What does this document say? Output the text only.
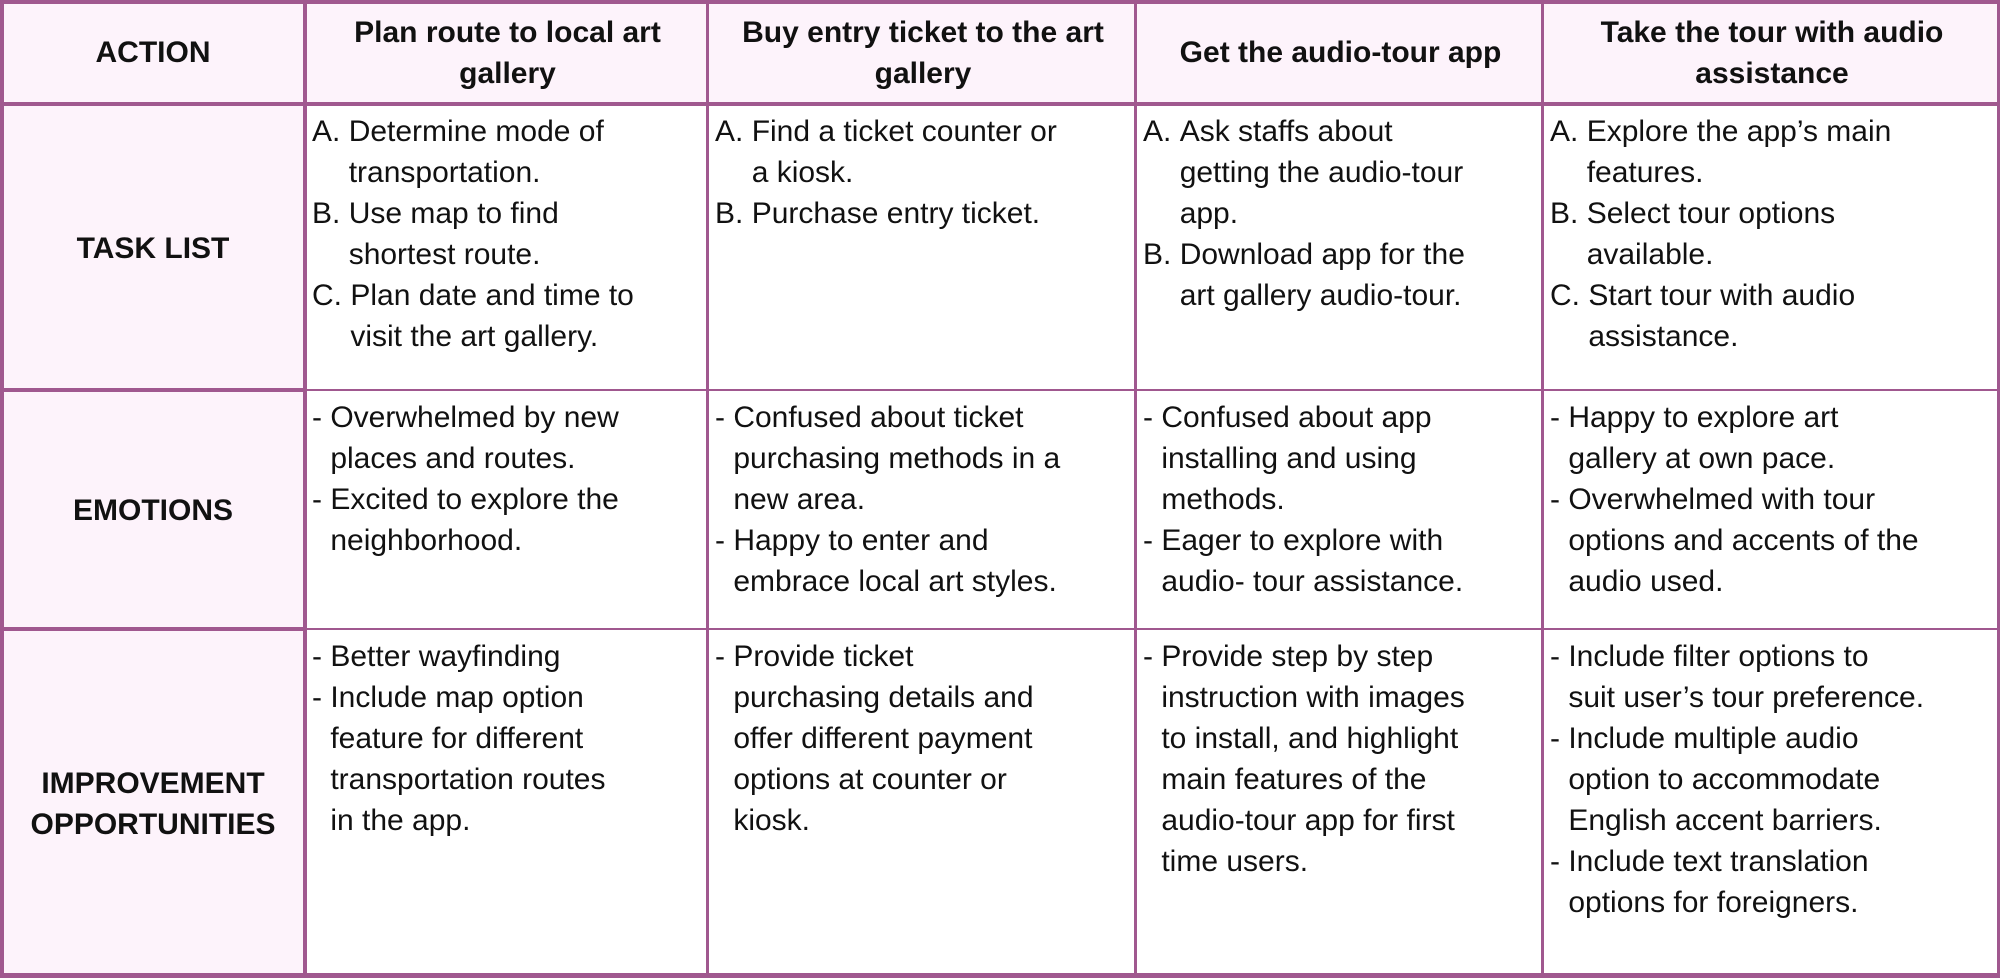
ACTION
Plan route to local art gallery
Buy entry ticket to the art gallery
Get the audio-tour app
Take the tour with audio assistance
TASK LIST
A. Determine mode of
transportation.
B. Use map to find
shortest route.
C. Plan date and time to
visit the art gallery.
A. Find a ticket counter or
a kiosk.
B. Purchase entry ticket.
A. Ask staffs about
getting the audio-tour
app.
B. Download app for the
art gallery audio-tour.
A. Explore the app’s main
features.
B. Select tour options
available.
C. Start tour with audio
assistance.
EMOTIONS
- Overwhelmed by new
places and routes.
- Excited to explore the
neighborhood.
- Confused about ticket
purchasing methods in a
new area.
- Happy to enter and
embrace local art styles.
- Confused about app
installing and using
methods.
- Eager to explore with
audio- tour assistance.
- Happy to explore art
gallery at own pace.
- Overwhelmed with tour
options and accents of the
audio used.
IMPROVEMENT OPPORTUNITIES
- Better wayfinding
- Include map option
feature for different
transportation routes
in the app.
- Provide ticket
purchasing details and
offer different payment
options at counter or
kiosk.
- Provide step by step
instruction with images
to install, and highlight
main features of the
audio-tour app for first
time users.
- Include filter options to
suit user’s tour preference.
- Include multiple audio
option to accommodate
English accent barriers.
- Include text translation
options for foreigners.
